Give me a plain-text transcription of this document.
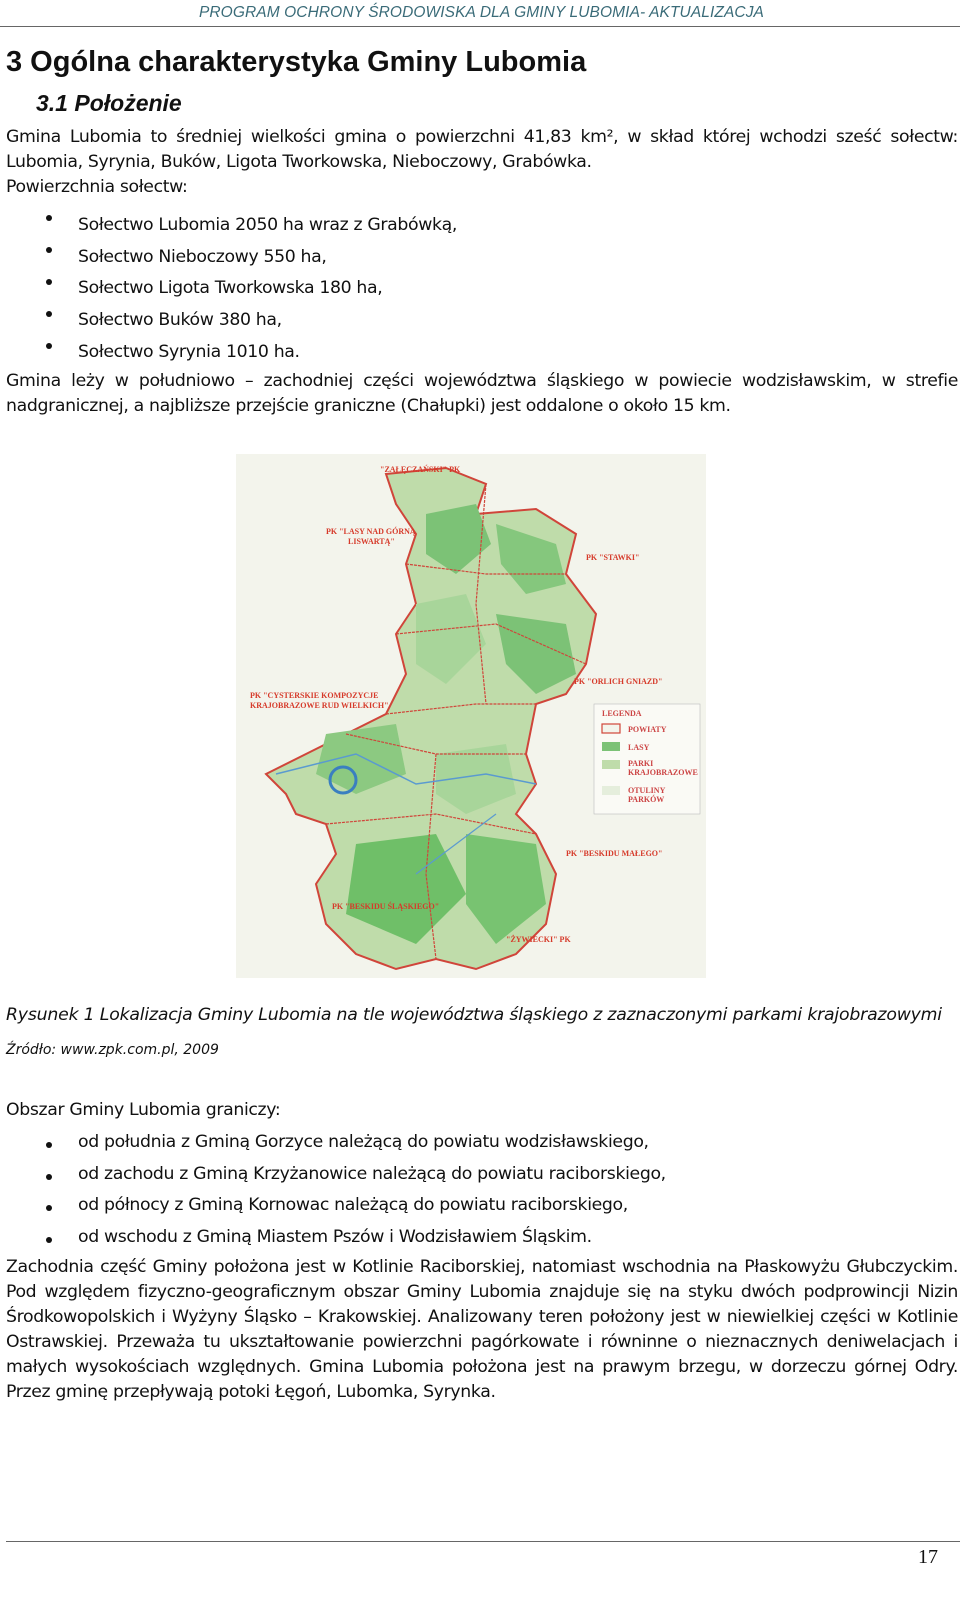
PROGRAM OCHRONY ŚRODOWISKA DLA GMINY LUBOMIA- AKTUALIZACJA
3 Ogólna charakterystyka Gminy Lubomia
3.1 Położenie

Gmina Lubomia to średniej wielkości gmina o powierzchni 41,83 km², w skład której wchodzi sześć sołectw: Lubomia, Syrynia, Buków, Ligota Tworkowska, Nieboczowy, Grabówka.

Powierzchnia sołectw:

Sołectwo Lubomia 2050 ha wraz z Grabówką,
Sołectwo Nieboczowy 550 ha,
Sołectwo Ligota Tworkowska 180 ha,
Sołectwo Buków 380 ha,
Sołectwo Syrynia 1010 ha.

Gmina leży w południowo – zachodniej części województwa śląskiego w powiecie wodzisławskim, w strefie nadgranicznej, a najbliższe przejście graniczne (Chałupki) jest oddalone o około 15 km.

"ZAŁĘCZAŃSKI" PK
PK "LASY NAD GÓRNĄ
LISWARTĄ"
PK "STAWKI"
PK "CYSTERSKIE KOMPOZYCJE
KRAJOBRAZOWE RUD WIELKICH"
PK "ORLICH GNIAZD"
PK "BESKIDU MAŁEGO"
PK "BESKIDU ŚLĄSKIEGO"
"ŻYWIECKI" PK
LEGENDA
POWIATY
LASY
PARKI
KRAJOBRAZOWE
OTULINY
PARKÓW

Rysunek 1 Lokalizacja Gminy Lubomia na tle województwa śląskiego z zaznaczonymi parkami krajobrazowymi

Źródło: www.zpk.com.pl, 2009

Obszar Gminy Lubomia graniczy:

od południa z Gminą Gorzyce należącą do powiatu wodzisławskiego,
od zachodu z Gminą Krzyżanowice należącą do powiatu raciborskiego,
od północy z Gminą Kornowac należącą do powiatu raciborskiego,
od wschodu z Gminą Miastem Pszów i Wodzisławiem Śląskim.

Zachodnia część Gminy położona jest w Kotlinie Raciborskiej, natomiast wschodnia na Płaskowyżu Głubczyckim. Pod względem fizyczno-geograficznym obszar Gminy Lubomia znajduje się na styku dwóch podprowincji Nizin Środkowopolskich i Wyżyny Śląsko – Krakowskiej. Analizowany teren położony jest w niewielkiej części w Kotlinie Ostrawskiej. Przeważa tu ukształtowanie powierzchni pagórkowate i równinne o nieznacznych deniwelacjach i małych wysokościach względnych. Gmina Lubomia położona jest na prawym brzegu, w dorzeczu górnej Odry. Przez gminę przepływają potoki Łęgoń, Lubomka, Syrynka.

17
